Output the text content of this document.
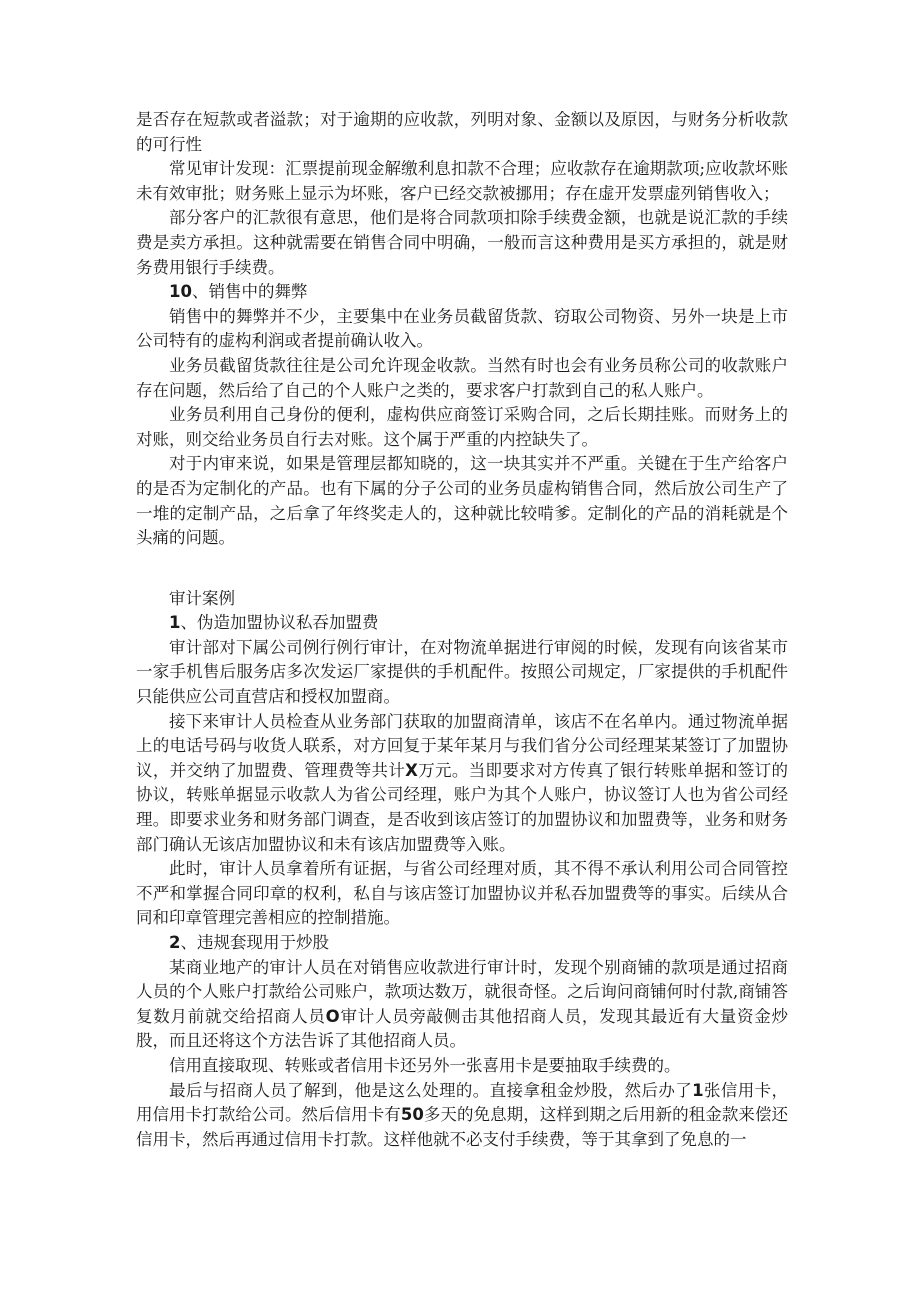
是否存在短款或者溢款；对于逾期的应收款，列明对象、金额以及原因，与财务分析收款的可行性

常见审计发现：汇票提前现金解缴利息扣款不合理；应收款存在逾期款项;应收款坏账未有效审批；财务账上显示为坏账，客户已经交款被挪用；存在虚开发票虚列销售收入；

部分客户的汇款很有意思，他们是将合同款项扣除手续费金额，也就是说汇款的手续费是卖方承担。这种就需要在销售合同中明确，一般而言这种费用是买方承担的，就是财务费用银行手续费。

10、销售中的舞弊

销售中的舞弊并不少，主要集中在业务员截留货款、窃取公司物资、另外一块是上市公司特有的虚构利润或者提前确认收入。

业务员截留货款往往是公司允许现金收款。当然有时也会有业务员称公司的收款账户存在问题，然后给了自己的个人账户之类的，要求客户打款到自己的私人账户。

业务员利用自己身份的便利，虚构供应商签订采购合同，之后长期挂账。而财务上的对账，则交给业务员自行去对账。这个属于严重的内控缺失了。

对于内审来说，如果是管理层都知晓的，这一块其实并不严重。关键在于生产给客户的是否为定制化的产品。也有下属的分子公司的业务员虚构销售合同，然后放公司生产了一堆的定制产品，之后拿了年终奖走人的，这种就比较啃爹。定制化的产品的消耗就是个头痛的问题。

审计案例

1、伪造加盟协议私吞加盟费

审计部对下属公司例行例行审计，在对物流单据进行审阅的时候，发现有向该省某市一家手机售后服务店多次发运厂家提供的手机配件。按照公司规定，厂家提供的手机配件只能供应公司直营店和授权加盟商。

接下来审计人员检查从业务部门获取的加盟商清单，该店不在名单内。通过物流单据上的电话号码与收货人联系，对方回复于某年某月与我们省分公司经理某某签订了加盟协议，并交纳了加盟费、管理费等共计X万元。当即要求对方传真了银行转账单据和签订的协议，转账单据显示收款人为省公司经理，账户为其个人账户，协议签订人也为省公司经理。即要求业务和财务部门调查，是否收到该店签订的加盟协议和加盟费等，业务和财务部门确认无该店加盟协议和未有该店加盟费等入账。

此时，审计人员拿着所有证据，与省公司经理对质，其不得不承认利用公司合同管控不严和掌握合同印章的权利，私自与该店签订加盟协议并私吞加盟费等的事实。后续从合同和印章管理完善相应的控制措施。

2、违规套现用于炒股

某商业地产的审计人员在对销售应收款进行审计时，发现个别商铺的款项是通过招商人员的个人账户打款给公司账户，款项达数万，就很奇怪。之后询问商铺何时付款,商铺答复数月前就交给招商人员O审计人员旁敲侧击其他招商人员，发现其最近有大量资金炒股，而且还将这个方法告诉了其他招商人员。

信用直接取现、转账或者信用卡还另外一张喜用卡是要抽取手续费的。

最后与招商人员了解到，他是这么处理的。直接拿租金炒股，然后办了1张信用卡，用信用卡打款给公司。然后信用卡有50多天的免息期，这样到期之后用新的租金款来偿还信用卡，然后再通过信用卡打款。这样他就不必支付手续费，等于其拿到了免息的一
